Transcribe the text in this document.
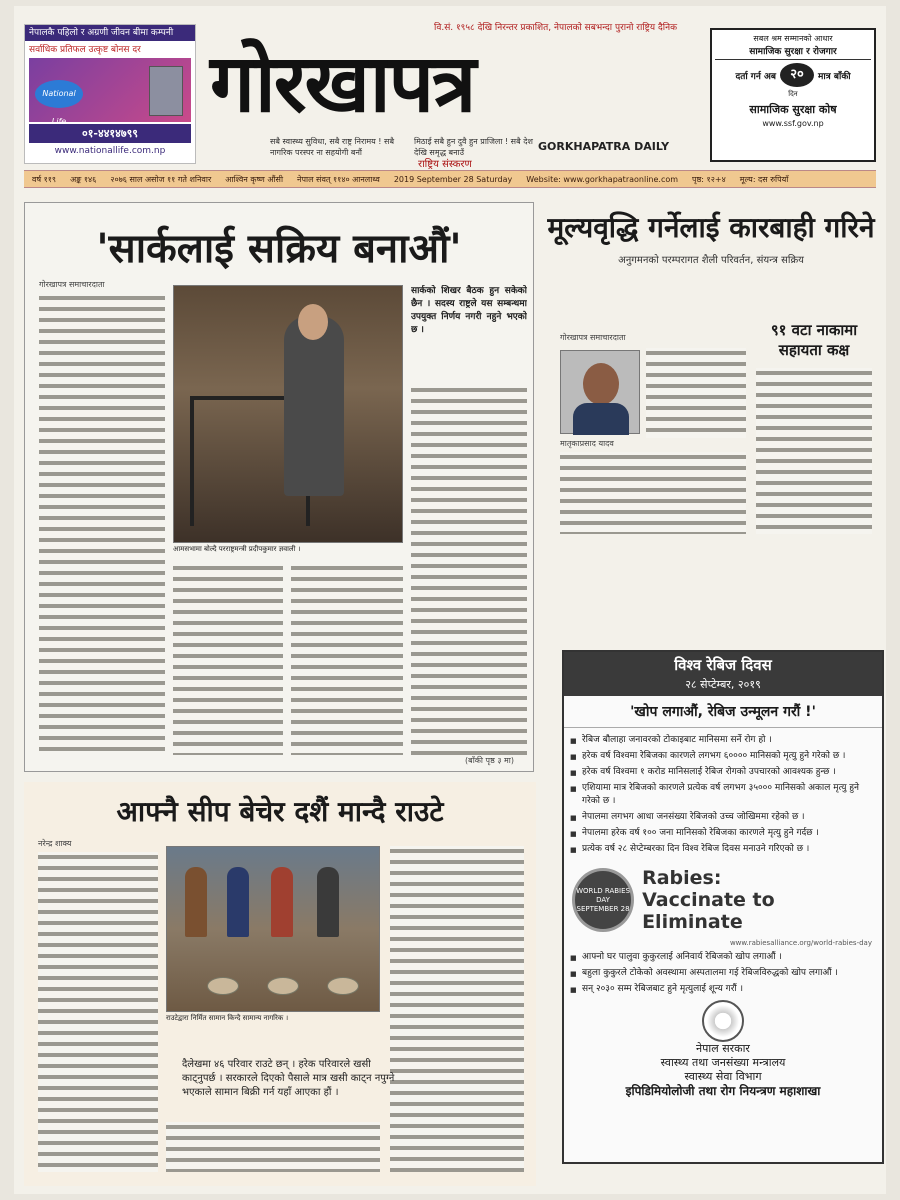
नेपालकै पहिलो र अग्रणी जीवन बीमा कम्पनी
सर्वाधिक प्रतिफल उत्कृष्ट बोनस दर
National Life
०१-४४१४७९९
www.nationallife.com.np
वि.सं. १९५८ देखि निरन्तर प्रकाशित, नेपालको सबभन्दा पुरानो राष्ट्रिय दैनिक
गोरखापत्र
सबै स्वास्थ्य सुविधा, सबै राष्ट्र निरामय ! सबै नागरिक परस्पर ना सहयोगी बनौं
मिठाई सबै हुन दुवै हुन प्राजिला ! सबै देश देखि समृद्ध बनाउँ
राष्ट्रिय संस्करण
GORKHAPATRA DAILY
सबल श्रम सम्मानको आधार
सामाजिक सुरक्षा र रोजगार
दर्ता गर्न अब	२०	मात्र बाँकी
दिन
सामाजिक सुरक्षा कोष
www.ssf.gov.np
वर्ष ११९ अङ्क १४६ २०७६ साल असोज ११ गते शनिवार आश्विन कृष्ण औंसी नेपाल संवत् ११४० आनलाथ्व 2019 September 28 Saturday Website: www.gorkhapatraonline.com पृष्ठ: १२+४ मूल्य: दस रुपियाँ
'सार्कलाई सक्रिय बनाऔं'
गोरखापत्र समाचारदाता
आमसभामा बोल्दै परराष्ट्रमन्त्री प्रदीपकुमार ज्ञवाली ।
सार्कको शिखर बैठक हुन सकेको छैन । सदस्य राष्ट्रले यस सम्बन्धमा उपयुक्त निर्णय नगरी नहुने भएको छ ।
(बाँकी पृष्ठ ३ मा)
मूल्यवृद्धि गर्नेलाई कारबाही गरिने
अनुगमनको परम्परागत शैली परिवर्तन, संयन्त्र सक्रिय
गोरखापत्र समाचारदाता
मातृकाप्रसाद यादव
९१ वटा नाकामा सहायता कक्ष
विश्व रेबिज दिवस
२८ सेप्टेम्बर, २०१९
'खोप लगाऔं, रेबिज उन्मूलन गरौं !'
■ रेबिज बौलाहा जनावरको टोकाइबाट मानिसमा सर्ने रोग हो ।
■ हरेक वर्ष विश्वमा रेबिजका कारणले लगभग ६०००० मानिसको मृत्यु हुने गरेको छ ।
■ हरेक वर्ष विश्वमा १ करोड मानिसलाई रेबिज रोगको उपचारको आवश्यक हुन्छ ।
■ एशियामा मात्र रेबिजको कारणले प्रत्येक वर्ष लगभग ३५००० मानिसको अकाल मृत्यु हुने गरेको छ ।
■ नेपालमा लगभग आधा जनसंख्या रेबिजको उच्च जोखिममा रहेको छ ।
■ नेपालमा हरेक वर्ष १०० जना मानिसको रेबिजका कारणले मृत्यु हुने गर्दछ ।
■ प्रत्येक वर्ष २८ सेप्टेम्बरका दिन विश्व रेबिज दिवस मनाउने गरिएको छ ।
WORLD RABIES DAY SEPTEMBER 28
Rabies:
Vaccinate to Eliminate
www.rabiesalliance.org/world-rabies-day
■ आफ्नो घर पालुवा कुकुरलाई अनिवार्य रेबिजको खोप लगाऔं ।
■ बहुला कुकुरले टोकेको अवस्थामा अस्पतालमा गई रेबिजविरुद्धको खोप लगाऔं ।
■ सन् २०३० सम्म रेबिजबाट हुने मृत्युलाई शून्य गरौं ।
नेपाल सरकार
स्वास्थ्य तथा जनसंख्या मन्त्रालय
स्वास्थ्य सेवा विभाग
इपिडिमियोलोजी तथा रोग नियन्त्रण महाशाखा
आफ्नै सीप बेचेर दशैं मान्दै राउटे
नरेन्द्र शाक्य
राउटेद्वारा निर्मित सामान किन्दै सामान्य नागरिक ।
दैलेखमा ४६ परिवार राउटे छन् । हरेक परिवारले खसी काट्नुपर्छ । सरकारले दिएको पैसाले मात्र खसी काट्न नपुग्ने भएकाले सामान बिक्री गर्न यहाँ आएका हौं ।
